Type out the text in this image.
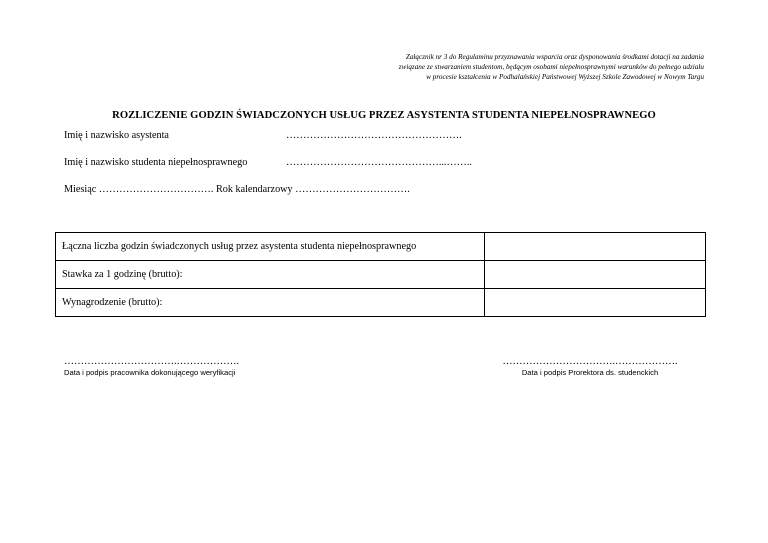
Załącznik nr 3 do Regulaminu przyznawania wsparcia oraz dysponowania środkami dotacji na zadania
związane ze stwarzaniem studentom, będącym osobami niepełnosprawnymi warunków do pełnego udziału
w procesie kształcenia w Podhalańskiej Państwowej Wyższej Szkole Zawodowej w Nowym Targu
ROZLICZENIE GODZIN ŚWIADCZONYCH USŁUG PRZEZ ASYSTENTA STUDENTA NIEPEŁNOSPRAWNEGO
Imię i nazwisko asystenta	…………………………………………….
Imię i nazwisko studenta niepełnosprawnego	………………………………………...……..
Miesiąc ……………………………. Rok kalendarzowy …………………………….
Łączna liczba godzin świadczonych usług przez asystenta studenta niepełnosprawnego	
Stawka za 1 godzinę (brutto):	
Wynagrodzenie (brutto):	
…………………………….……………….
Data i podpis pracownika dokonującego weryfikacji
…………………………….……………….
Data i podpis Prorektora ds. studenckich
